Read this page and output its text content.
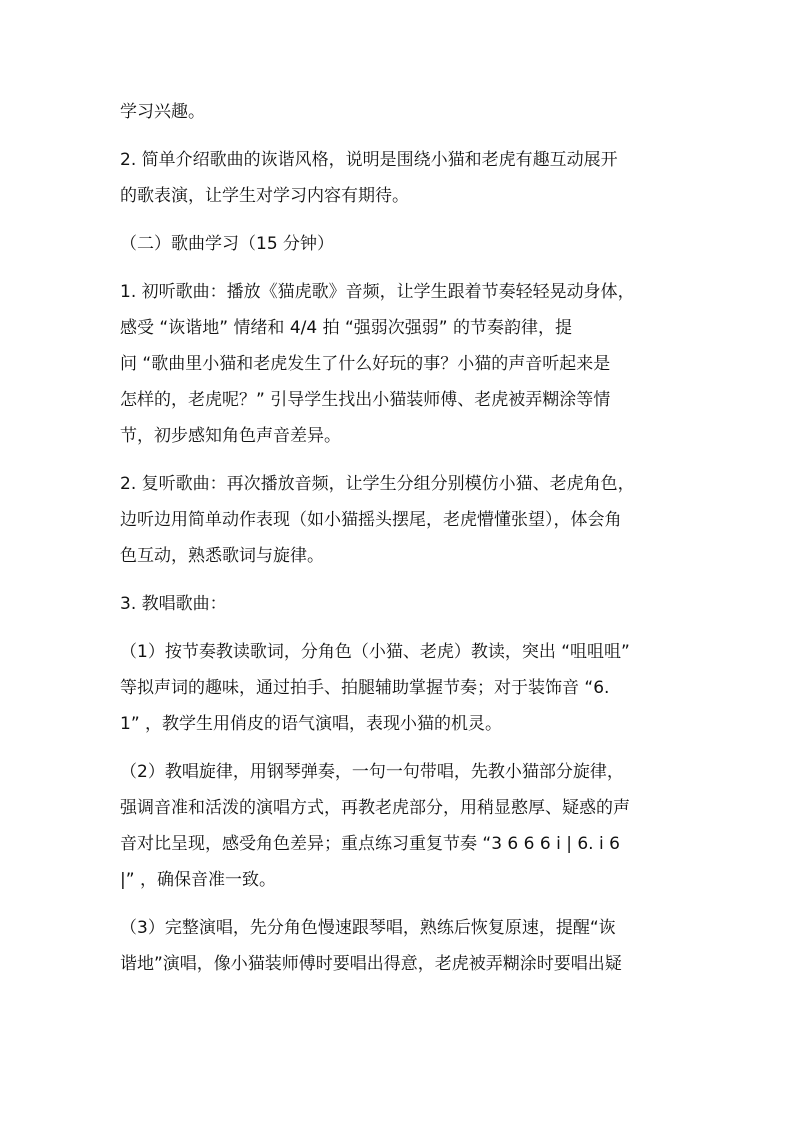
学习兴趣。

2. 简单介绍歌曲的诙谐风格，说明是围绕小猫和老虎有趣互动展开
的歌表演，让学生对学习内容有期待。

（二）歌曲学习（15 分钟）

1. 初听歌曲：播放《猫虎歌》音频，让学生跟着节奏轻轻晃动身体，
感受 “诙谐地” 情绪和 4/4 拍 “强弱次强弱” 的节奏韵律，提
问 “歌曲里小猫和老虎发生了什么好玩的事？小猫的声音听起来是
怎样的，老虎呢？” 引导学生找出小猫装师傅、老虎被弄糊涂等情
节，初步感知角色声音差异。

2. 复听歌曲：再次播放音频，让学生分组分别模仿小猫、老虎角色，
边听边用简单动作表现（如小猫摇头摆尾，老虎懵懂张望），体会角
色互动，熟悉歌词与旋律。

3. 教唱歌曲：

（1）按节奏教读歌词，分角色（小猫、老虎）教读，突出 “咀咀咀”
等拟声词的趣味，通过拍手、拍腿辅助掌握节奏；对于装饰音 “6.
1” ，教学生用俏皮的语气演唱，表现小猫的机灵。

（2）教唱旋律，用钢琴弹奏，一句一句带唱，先教小猫部分旋律，
强调音准和活泼的演唱方式，再教老虎部分，用稍显憨厚、疑惑的声
音对比呈现，感受角色差异；重点练习重复节奏 “3 6 6 6 i | 6. i 6
|” ，确保音准一致。

（3）完整演唱，先分角色慢速跟琴唱，熟练后恢复原速，提醒“诙
谐地”演唱，像小猫装师傅时要唱出得意，老虎被弄糊涂时要唱出疑
